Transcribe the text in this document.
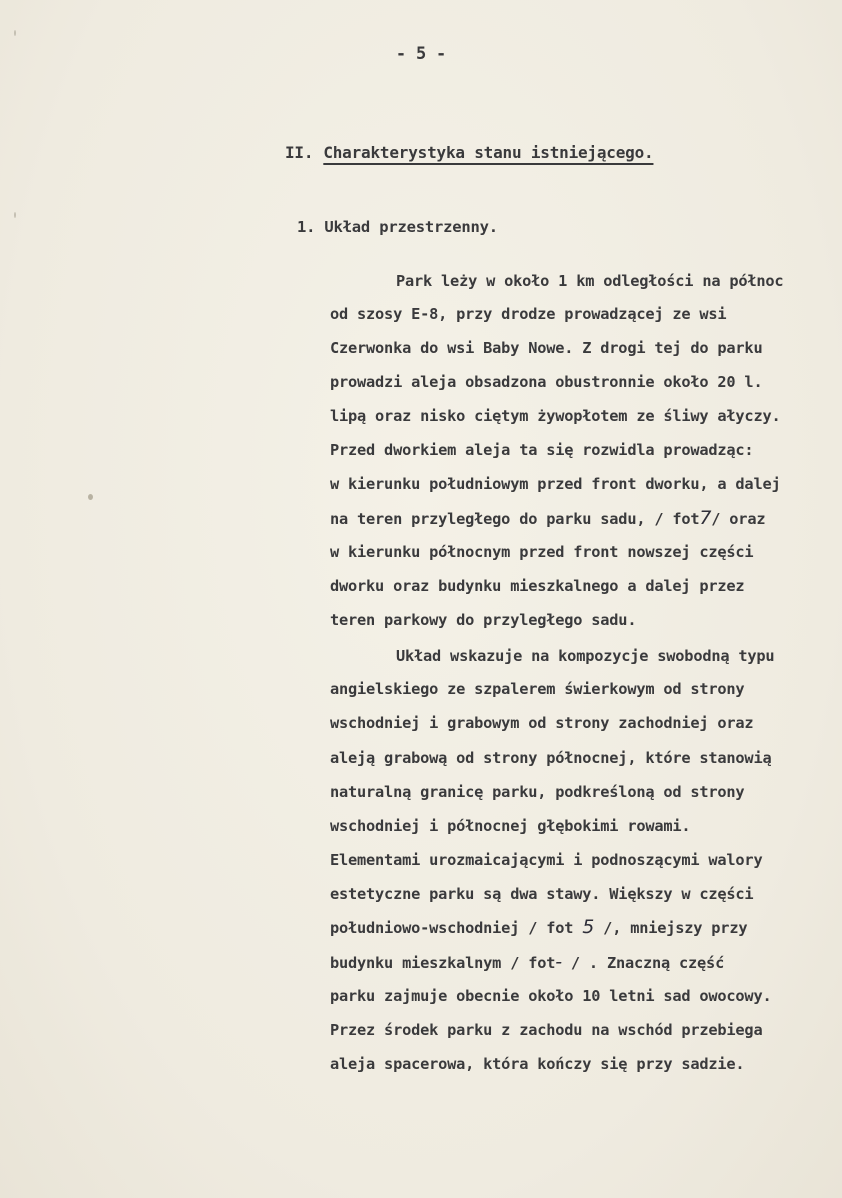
- 5 -
II. Charakterystyka stanu istniejącego.
1. Układ przestrzenny.
Park leży w około 1 km odległości na północ
od szosy E-8, przy drodze prowadzącej ze wsi
Czerwonka do wsi Baby Nowe. Z drogi tej do parku
prowadzi aleja obsadzona obustronnie około 20 l.
lipą oraz nisko ciętym żywopłotem ze śliwy ałyczy.
Przed dworkiem aleja ta się rozwidla prowadząc:
w kierunku południowym przed front dworku, a dalej
na teren przyległego do parku sadu, / fot7/ oraz
w kierunku północnym przed front nowszej części
dworku oraz budynku mieszkalnego a dalej przez
teren parkowy do przyległego sadu.
Układ wskazuje na kompozycje swobodną typu
angielskiego ze szpalerem świerkowym od strony
wschodniej i grabowym od strony zachodniej oraz
aleją grabową od strony północnej, które stanowią
naturalną granicę parku, podkreśloną od strony
wschodniej i północnej głębokimi rowami.
Elementami urozmaicającymi i podnoszącymi walory
estetyczne parku są dwa stawy. Większy w części
południowo-wschodniej / fot 5 /, mniejszy przy
budynku mieszkalnym / fot- / . Znaczną część
parku zajmuje obecnie około 10 letni sad owocowy.
Przez środek parku z zachodu na wschód przebiega
aleja spacerowa, która kończy się przy sadzie.
